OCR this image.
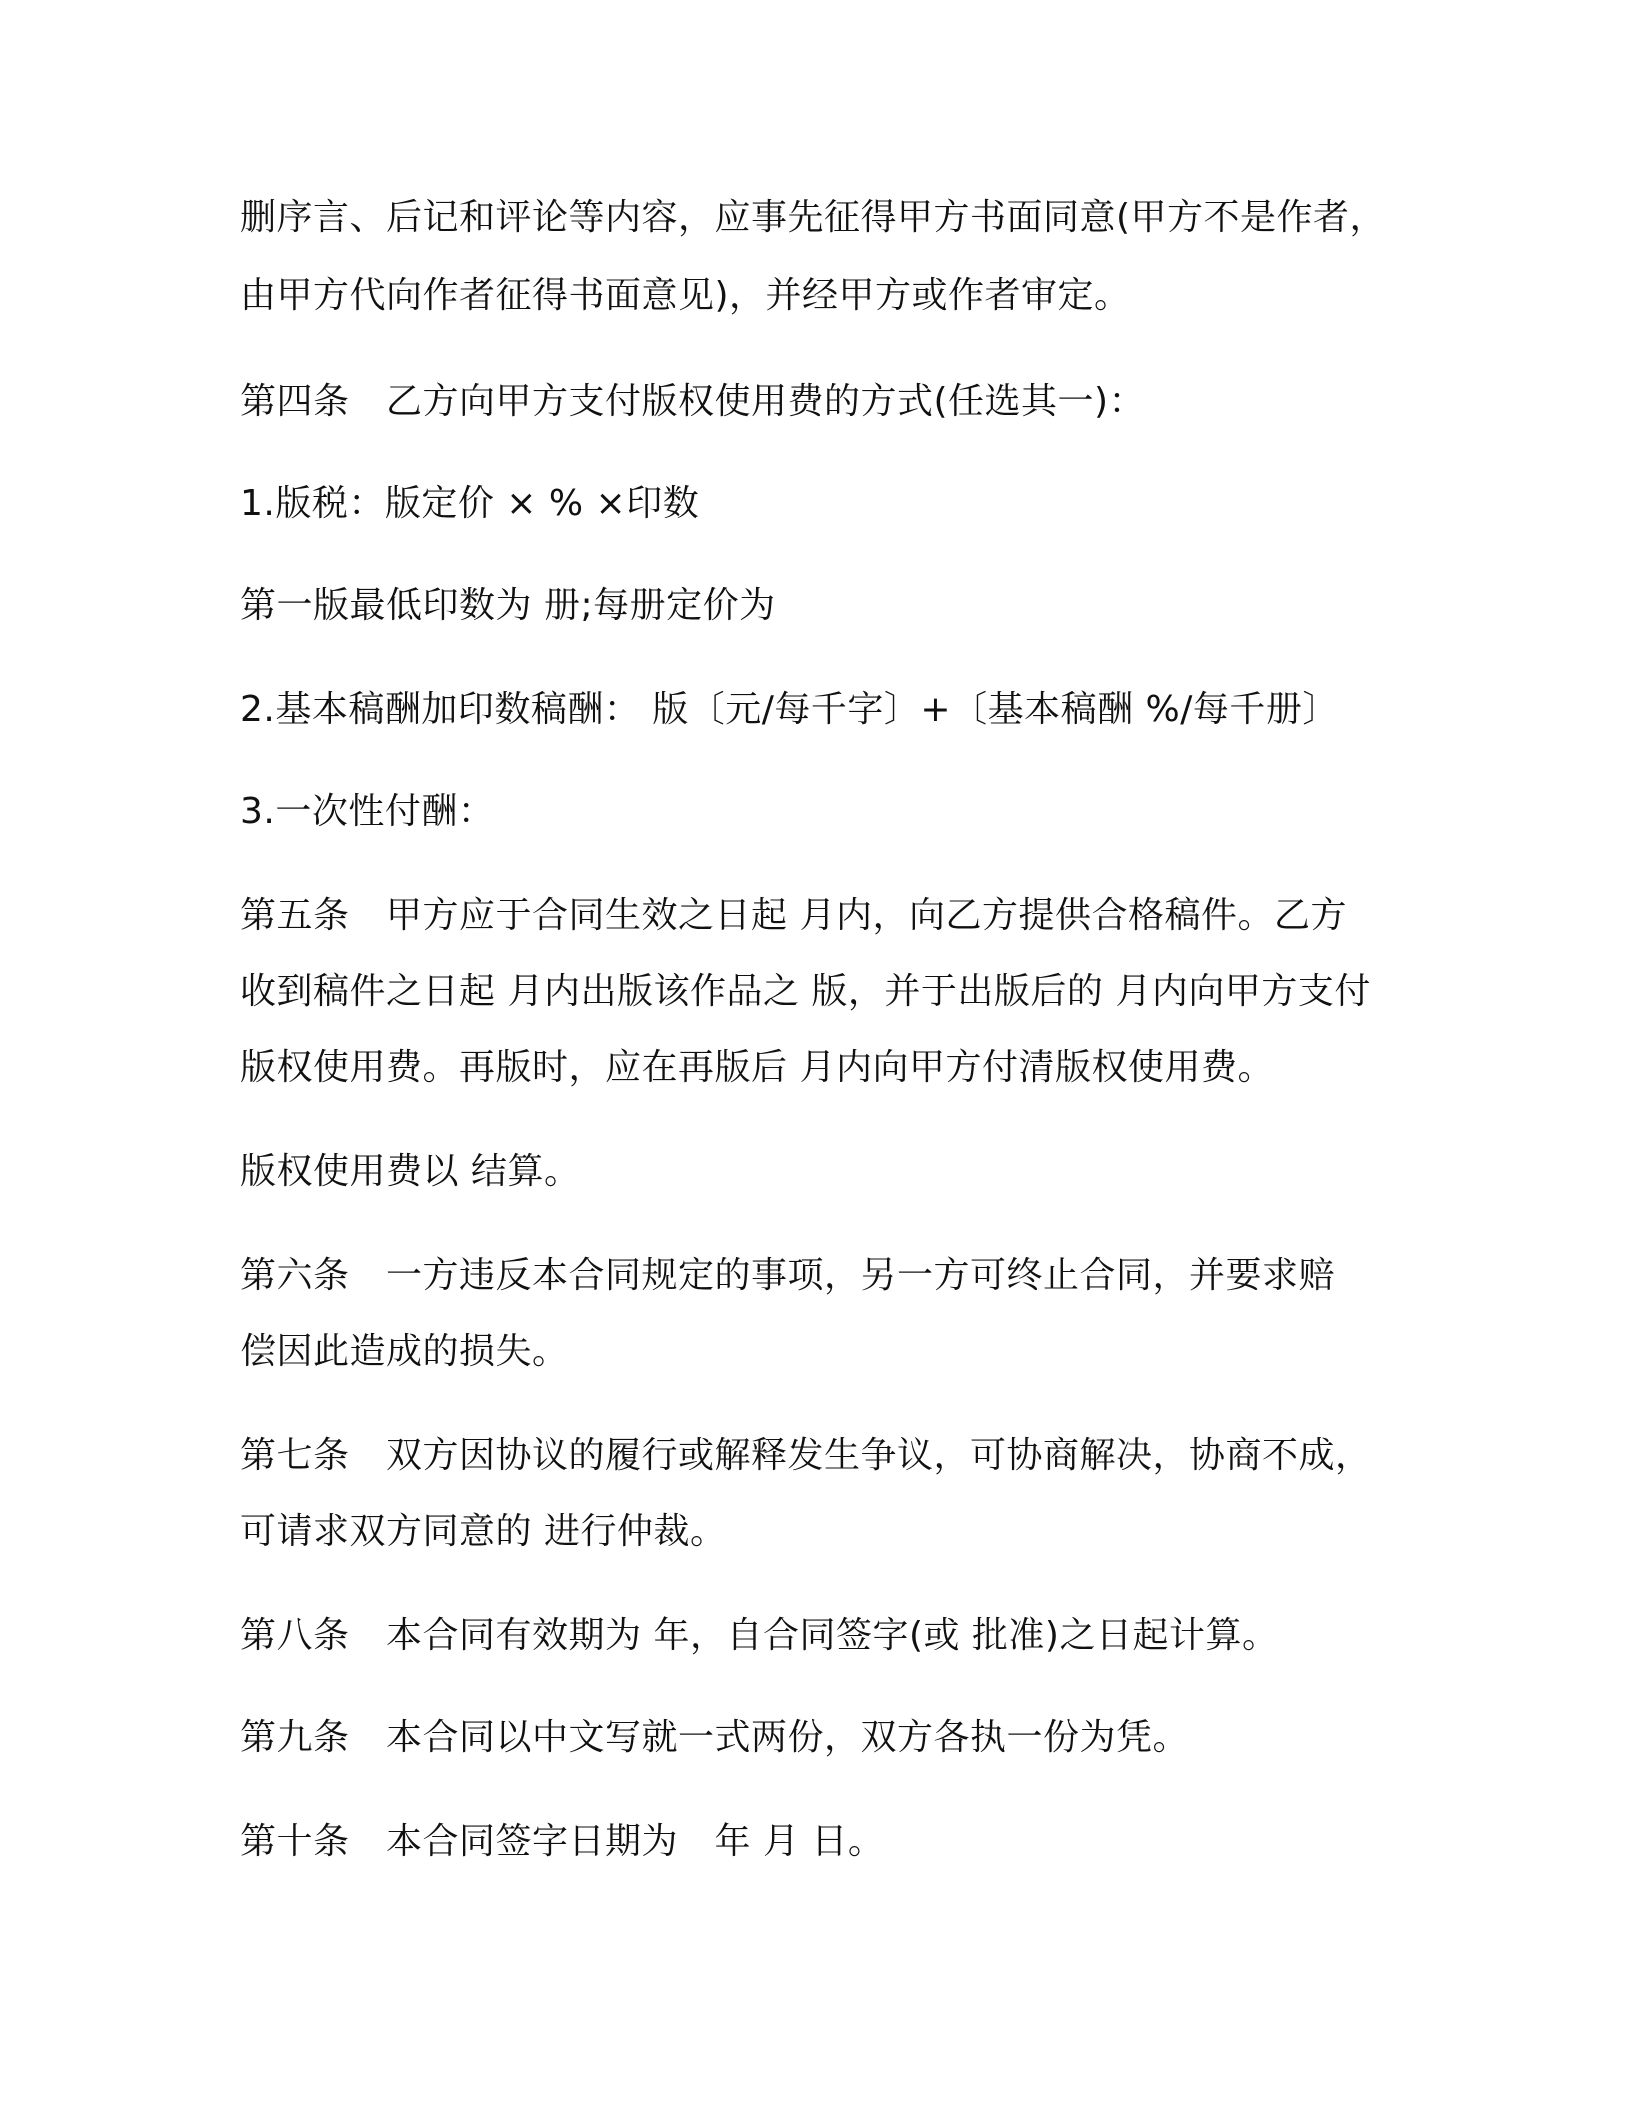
删序言、后记和评论等内容，应事先征得甲方书面同意(甲方不是作者，
由甲方代向作者征得书面意见)，并经甲方或作者审定。
第四条　乙方向甲方支付版权使用费的方式(任选其一)：
1.版税：版定价 × % ×印数
第一版最低印数为 册;每册定价为
2.基本稿酬加印数稿酬： 版〔元/每千字〕+〔基本稿酬 %/每千册〕
3.一次性付酬：
第五条　甲方应于合同生效之日起 月内，向乙方提供合格稿件。乙方
收到稿件之日起 月内出版该作品之 版，并于出版后的 月内向甲方支付
版权使用费。再版时，应在再版后 月内向甲方付清版权使用费。
版权使用费以 结算。
第六条　一方违反本合同规定的事项，另一方可终止合同，并要求赔
偿因此造成的损失。
第七条　双方因协议的履行或解释发生争议，可协商解决，协商不成，
可请求双方同意的 进行仲裁。
第八条　本合同有效期为 年，自合同签字(或 批准)之日起计算。
第九条　本合同以中文写就一式两份，双方各执一份为凭。
第十条　本合同签字日期为　年 月 日。
